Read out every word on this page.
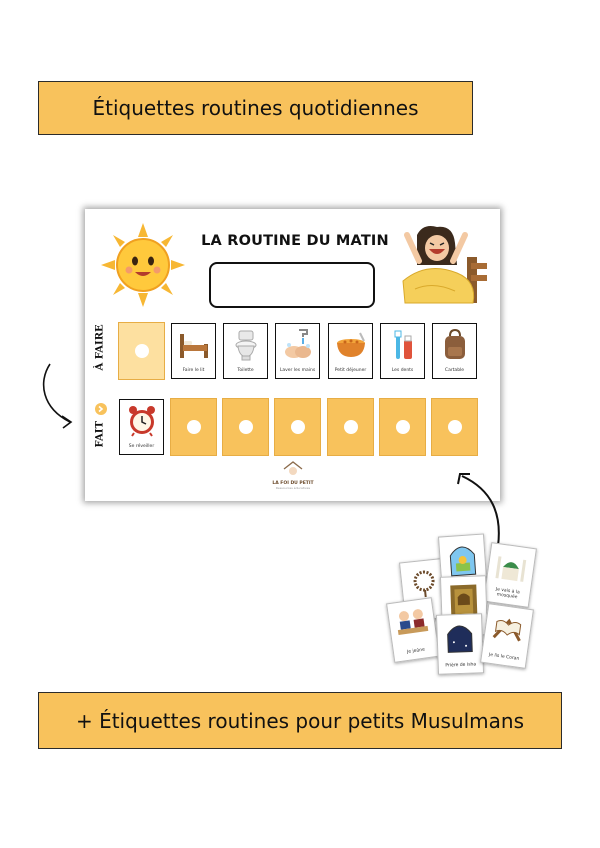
Étiquettes routines quotidiennes
LA ROUTINE DU MATIN
À FAIRE
FAIT
Faire le lit	Toilette	Laver les mains	Petit déjeuner	Les dents	Cartable
Se réveiller
LA FOI DU PETIT
Ressources éducatives
Je vais à la mosquée
Je jeûne
Prière de Isha
Je lis le Coran
+ Étiquettes routines pour petits Musulmans
